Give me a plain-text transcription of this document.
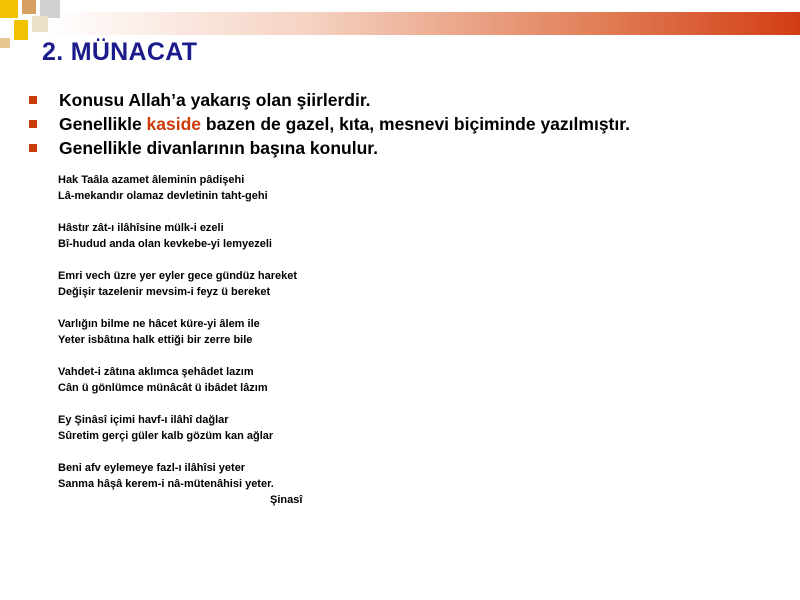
2. MÜNACAT
Konusu Allah’a yakarış olan şiirlerdir.
Genellikle kaside bazen de gazel, kıta, mesnevi biçiminde yazılmıştır.
Genellikle divanlarının başına konulur.
Hak Taâla azamet âleminin pâdişehi
Lâ-mekandır olamaz devletinin taht-gehi
Hâstır zât-ı ilâhîsine mülk-i ezeli
Bî-hudud anda olan kevkebe-yi lemyezeli
Emri vech üzre yer eyler gece gündüz hareket
Değişir tazelenir mevsim-i feyz ü bereket
Varlığın bilme ne hâcet küre-yi âlem ile
Yeter isbâtına halk ettiği bir zerre bile
Vahdet-i zâtına aklımca şehâdet lazım
Cân ü gönlümce münâcât ü ibâdet lâzım
Ey Şinâsî içimi havf-ı ilâhî dağlar
Sûretim gerçi güler kalb gözüm kan ağlar
Beni afv eylemeye fazl-ı ilâhîsi yeter
Sanma hâşâ kerem-i nâ-mütenâhisi yeter.
Şinasî
